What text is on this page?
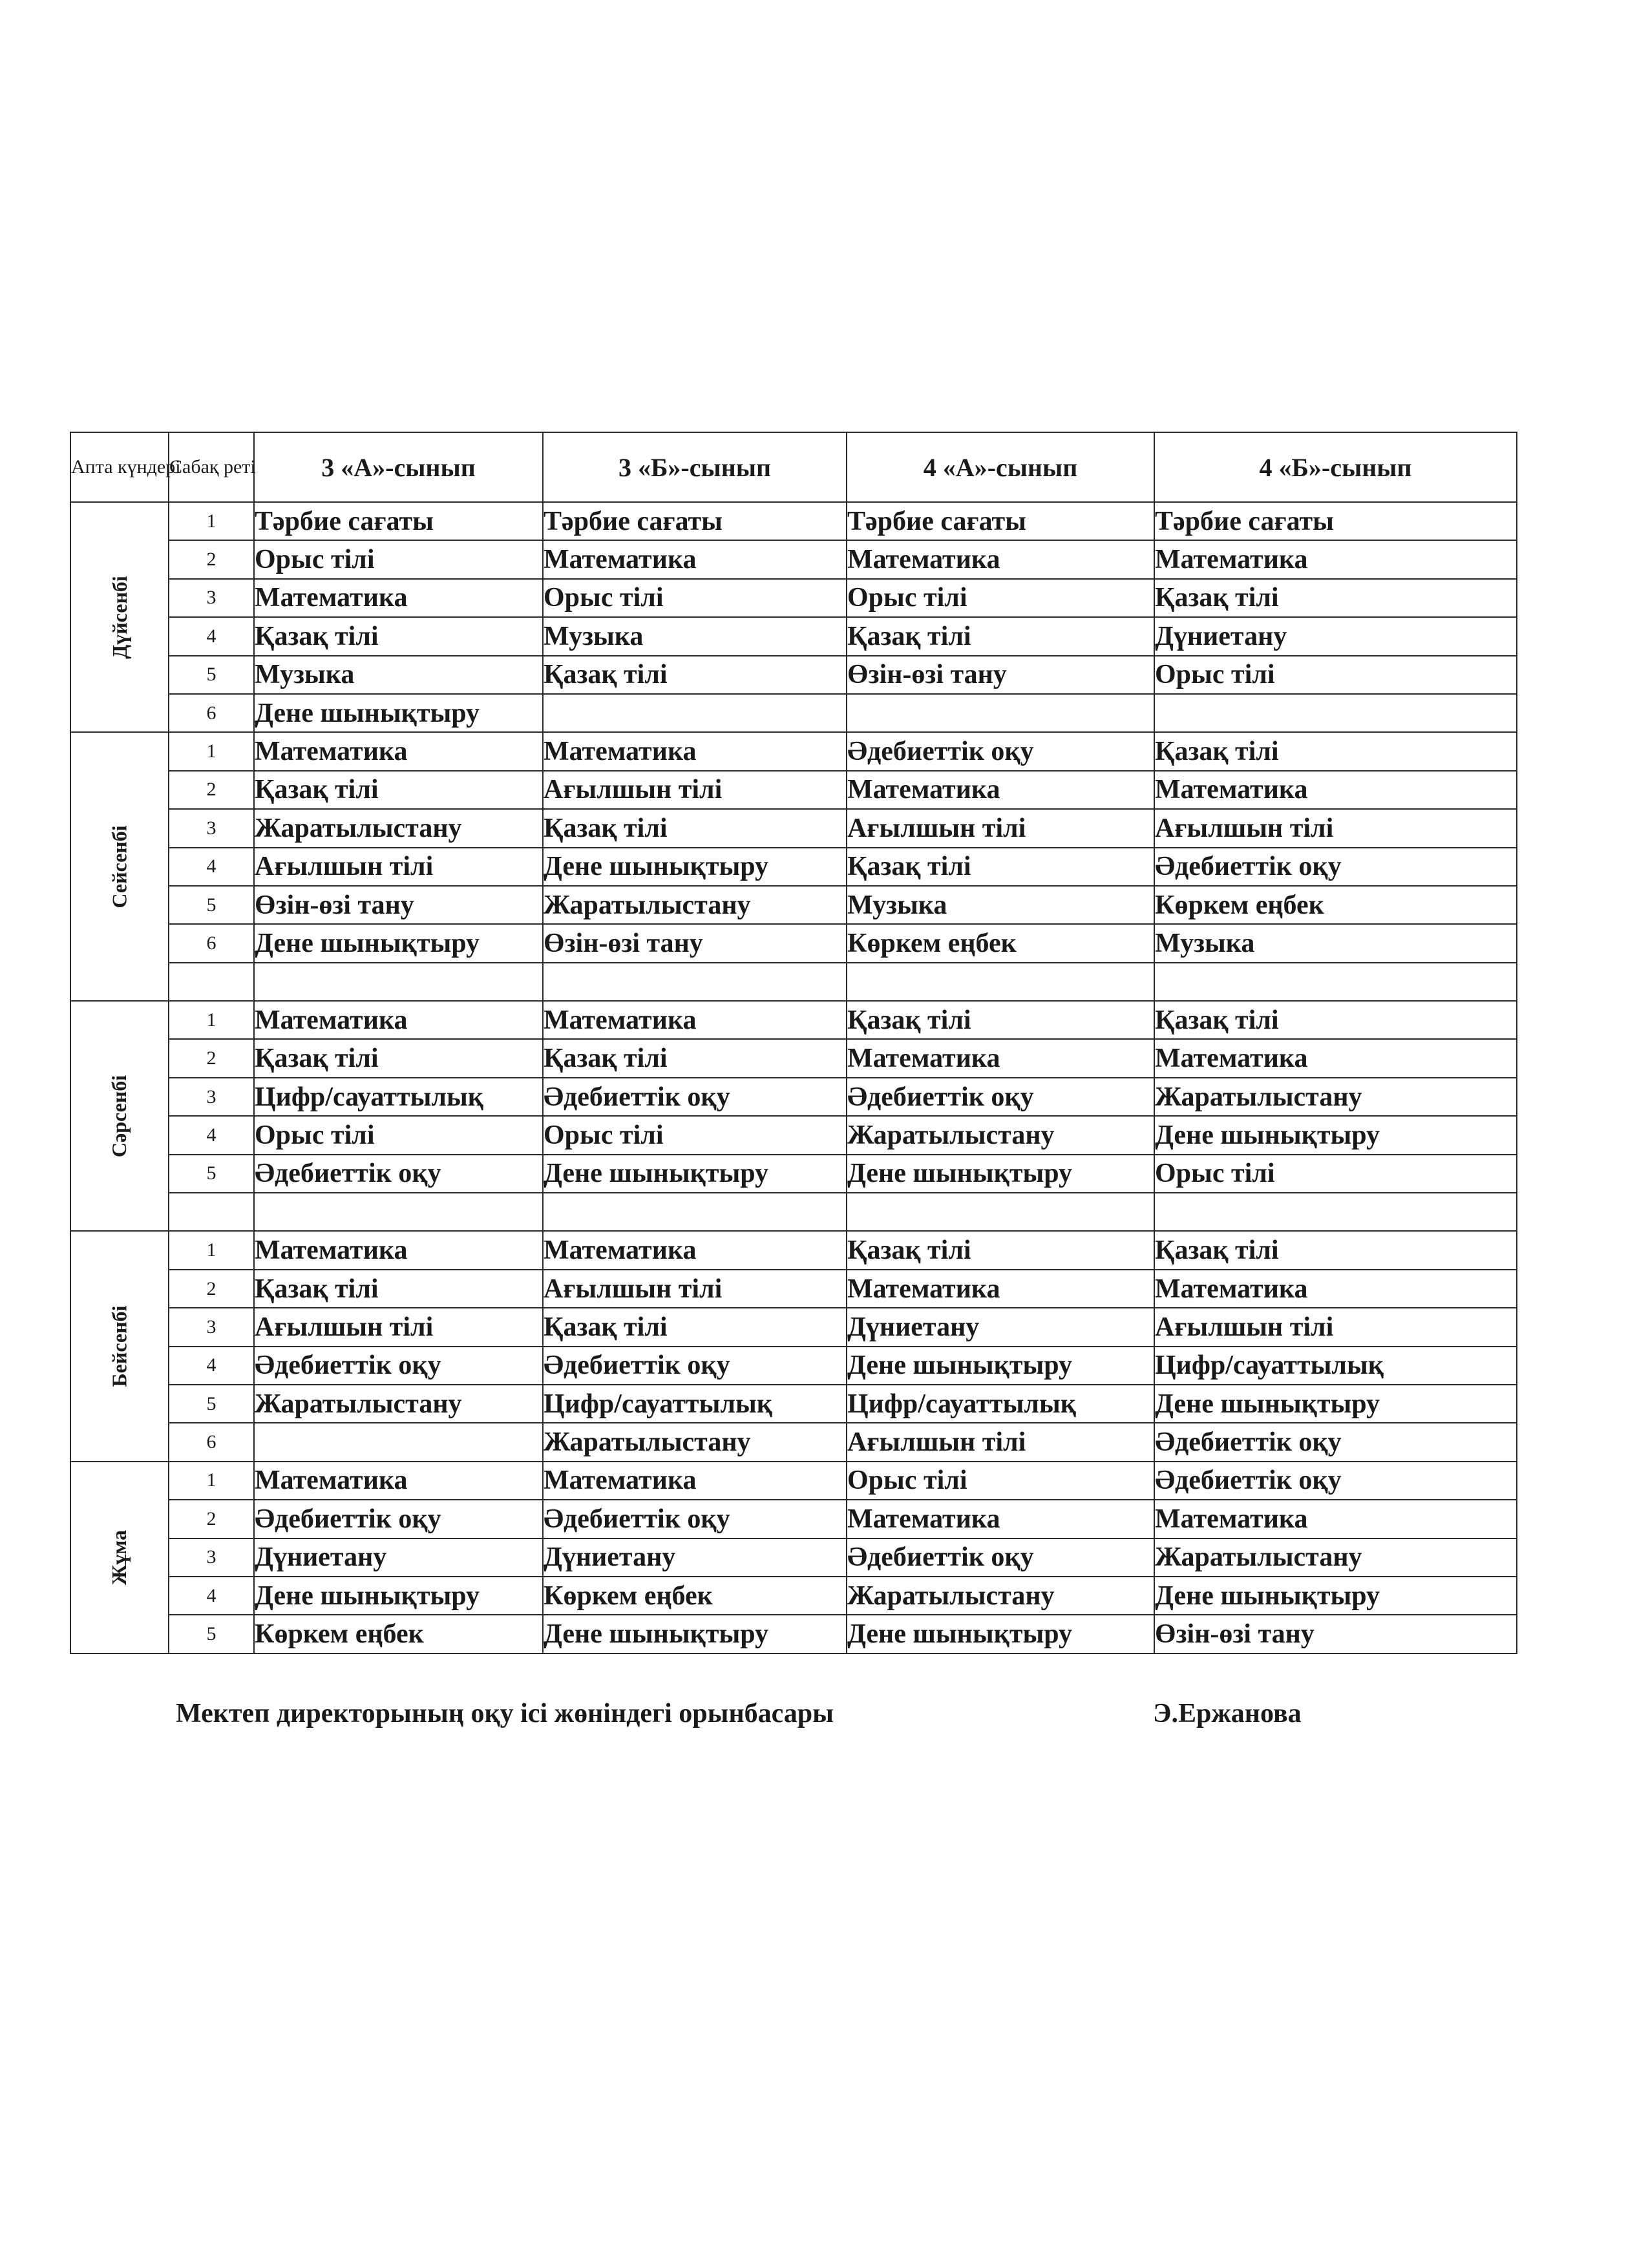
Апта күндері	Сабақ реті	3 «А»-сынып	3 «Б»-сынып	4 «А»-сынып	4 «Б»-сынып
Дүйсенбі	1	Тәрбие сағаты	Тәрбие сағаты	Тәрбие сағаты	Тәрбие сағаты
	2	Орыс тілі	Математика	Математика	Математика
	3	Математика	Орыс тілі	Орыс тілі	Қазақ тілі
	4	Қазақ тілі	Музыка	Қазақ тілі	Дүниетану
	5	Музыка	Қазақ тілі	Өзін-өзі тану	Орыс тілі
	6	Дене шынықтыру			
Сейсенбі	1	Математика	Математика	Әдебиеттік оқу	Қазақ тілі
	2	Қазақ тілі	Ағылшын тілі	Математика	Математика
	3	Жаратылыстану	Қазақ тілі	Ағылшын тілі	Ағылшын тілі
	4	Ағылшын тілі	Дене шынықтыру	Қазақ тілі	Әдебиеттік оқу
	5	Өзін-өзі тану	Жаратылыстану	Музыка	Көркем еңбек
	6	Дене шынықтыру	Өзін-өзі тану	Көркем еңбек	Музыка

Сәрсенбі	1	Математика	Математика	Қазақ тілі	Қазақ тілі
	2	Қазақ тілі	Қазақ тілі	Математика	Математика
	3	Цифр/сауаттылық	Әдебиеттік оқу	Әдебиеттік оқу	Жаратылыстану
	4	Орыс тілі	Орыс тілі	Жаратылыстану	Дене шынықтыру
	5	Әдебиеттік оқу	Дене шынықтыру	Дене шынықтыру	Орыс тілі

Бейсенбі	1	Математика	Математика	Қазақ тілі	Қазақ тілі
	2	Қазақ тілі	Ағылшын тілі	Математика	Математика
	3	Ағылшын тілі	Қазақ тілі	Дүниетану	Ағылшын тілі
	4	Әдебиеттік оқу	Әдебиеттік оқу	Дене шынықтыру	Цифр/сауаттылық
	5	Жаратылыстану	Цифр/сауаттылық	Цифр/сауаттылық	Дене шынықтыру
	6		Жаратылыстану	Ағылшын тілі	Әдебиеттік оқу
Жұма	1	Математика	Математика	Орыс тілі	Әдебиеттік оқу
	2	Әдебиеттік оқу	Әдебиеттік оқу	Математика	Математика
	3	Дүниетану	Дүниетану	Әдебиеттік оқу	Жаратылыстану
	4	Дене шынықтыру	Көркем еңбек	Жаратылыстану	Дене шынықтыру
	5	Көркем еңбек	Дене шынықтыру	Дене шынықтыру	Өзін-өзі тану
Мектеп директорының оқу ісі жөніндегі орынбасары	Э.Ержанова
